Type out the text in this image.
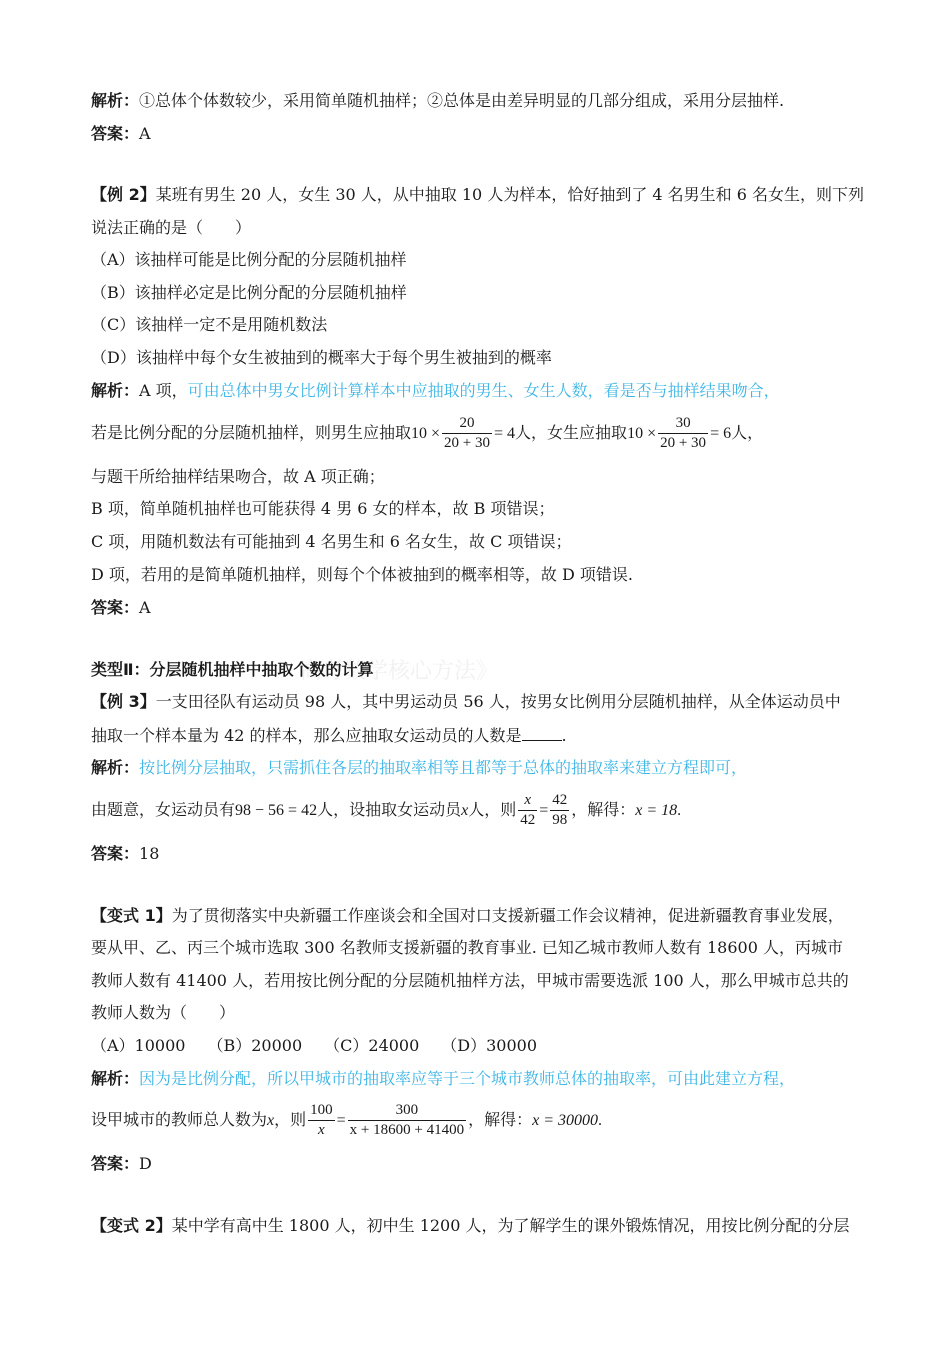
高考数学核心方法》
解析：①总体个体数较少，采用简单随机抽样；②总体是由差异明显的几部分组成，采用分层抽样.
答案：A
【例 2】某班有男生 20 人，女生 30 人，从中抽取 10 人为样本，恰好抽到了 4 名男生和 6 名女生，则下列
说法正确的是（　　）
（A）该抽样可能是比例分配的分层随机抽样
（B）该抽样必定是比例分配的分层随机抽样
（C）该抽样一定不是用随机数法
（D）该抽样中每个女生被抽到的概率大于每个男生被抽到的概率
解析：A 项，可由总体中男女比例计算样本中应抽取的男生、女生人数，看是否与抽样结果吻合，
若是比例分配的分层随机抽样，则男生应抽取$10 \times \frac{20}{20 + 30} = 4$人，女生应抽取$10 \times \frac{30}{20 + 30} = 6$人，
与题干所给抽样结果吻合，故 A 项正确；
B 项，简单随机抽样也可能获得 4 男 6 女的样本，故 B 项错误；
C 项，用随机数法有可能抽到 4 名男生和 6 名女生，故 C 项错误；
D 项，若用的是简单随机抽样，则每个个体被抽到的概率相等，故 D 项错误.
答案：A
类型Ⅱ：分层随机抽样中抽取个数的计算
【例 3】一支田径队有运动员 98 人，其中男运动员 56 人，按男女比例用分层随机抽样，从全体运动员中
抽取一个样本量为 42 的样本，那么应抽取女运动员的人数是	.
解析：按比例分层抽取，只需抓住各层的抽取率相等且都等于总体的抽取率来建立方程即可，
由题意，女运动员有98 − 56 = 42人，设抽取女运动员x人，则 $\frac{x}{42} = \frac{42}{98}$ ，解得：x = 18.
答案：18
【变式 1】为了贯彻落实中央新疆工作座谈会和全国对口支援新疆工作会议精神，促进新疆教育事业发展，
要从甲、乙、丙三个城市选取 300 名教师支援新疆的教育事业. 已知乙城市教师人数有 18600 人，丙城市
教师人数有 41400 人，若用按比例分配的分层随机抽样方法，甲城市需要选派 100 人，那么甲城市总共的
教师人数为（　　）
（A）10000 （B）20000 （C）24000 （D）30000
解析：因为是比例分配，所以甲城市的抽取率应等于三个城市教师总体的抽取率，可由此建立方程，
设甲城市的教师总人数为x，则 $\frac{100}{x} = \frac{300}{x + 18600 + 41400}$ ，解得：x = 30000.
答案：D
【变式 2】某中学有高中生 1800 人，初中生 1200 人，为了解学生的课外锻炼情况，用按比例分配的分层
